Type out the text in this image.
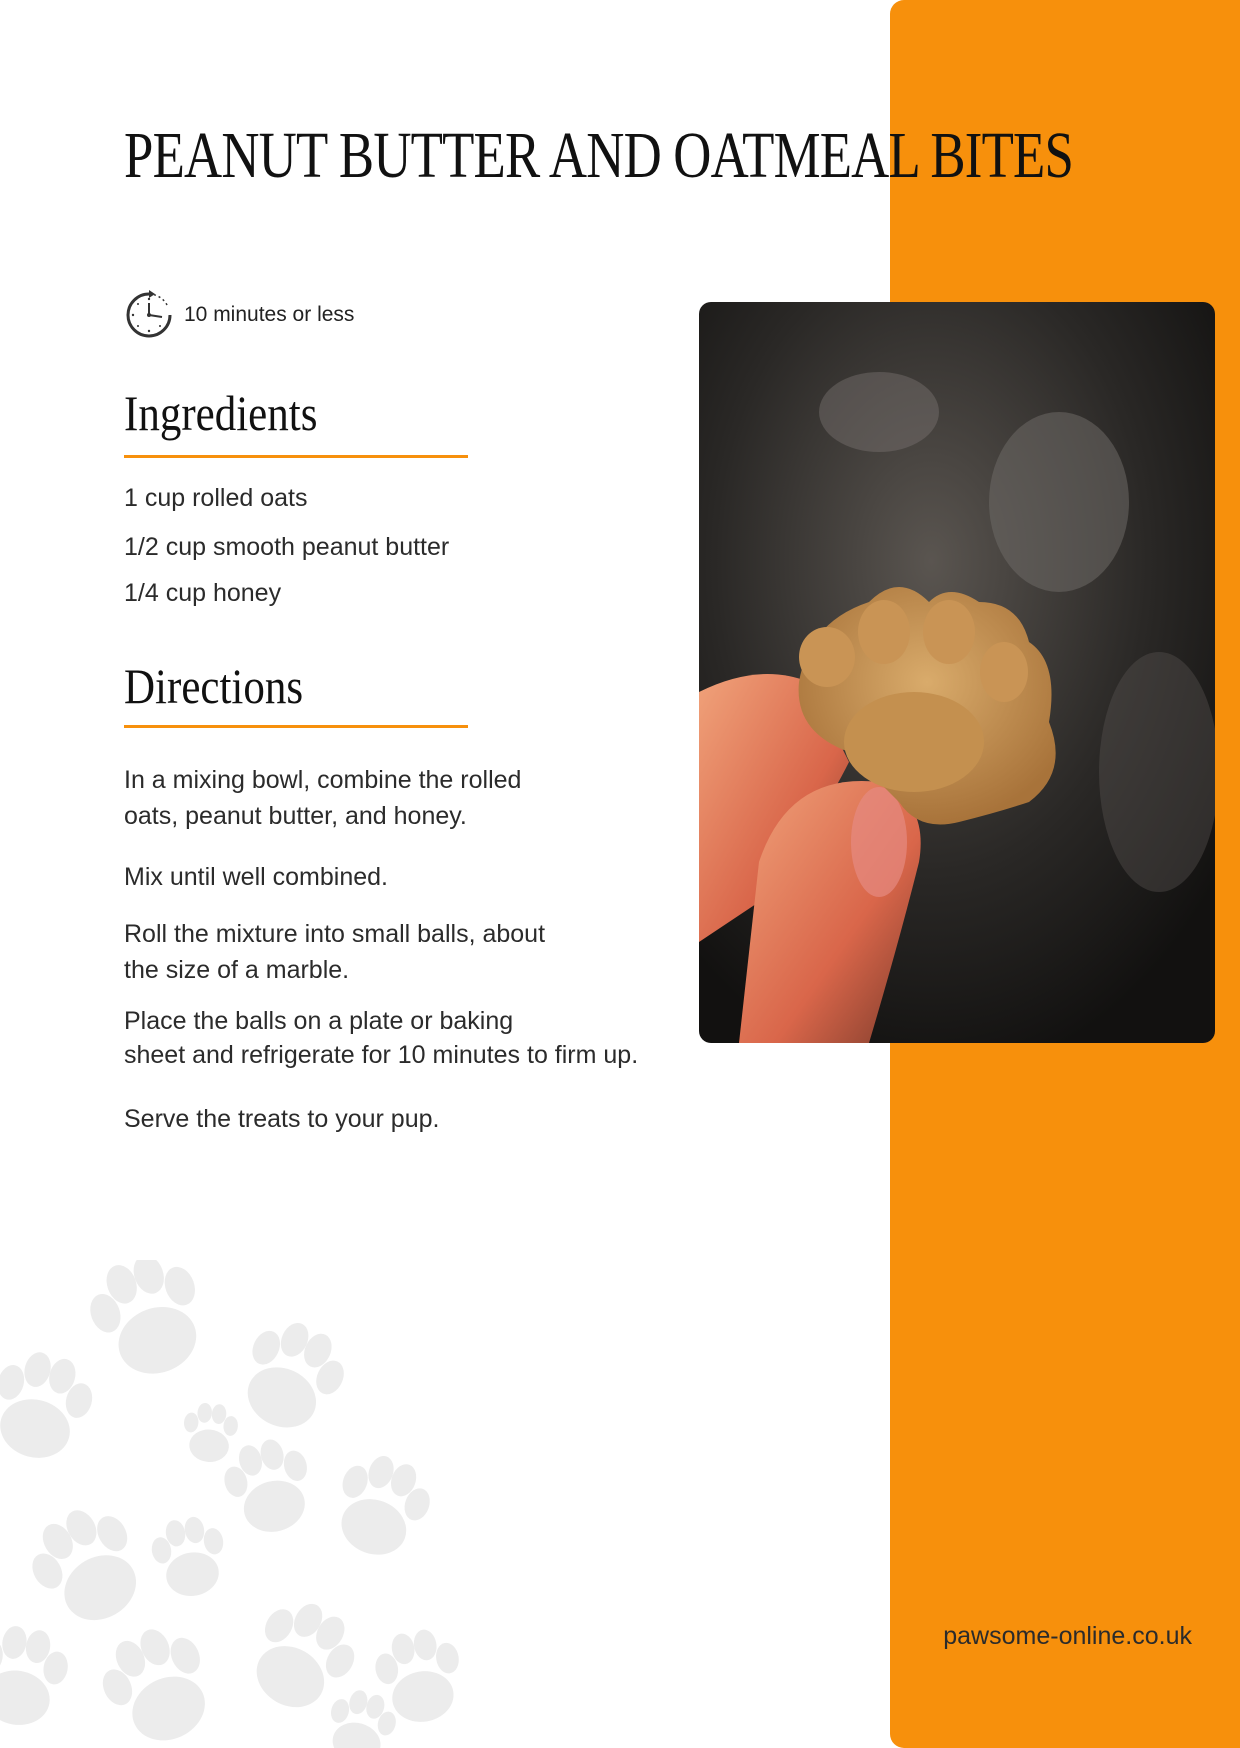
PEANUT BUTTER AND OATMEAL BITES
10 minutes or less
Ingredients

1 cup rolled oats

1/2 cup smooth peanut butter

1/4 cup honey

Directions

In a mixing bowl, combine the rolled
oats, peanut butter, and honey.

Mix until well combined.

Roll the mixture into small balls, about
the size of a marble.

Place the balls on a plate or baking
sheet and refrigerate for 10 minutes to firm up.

Serve the treats to your pup.

pawsome-online.co.uk
